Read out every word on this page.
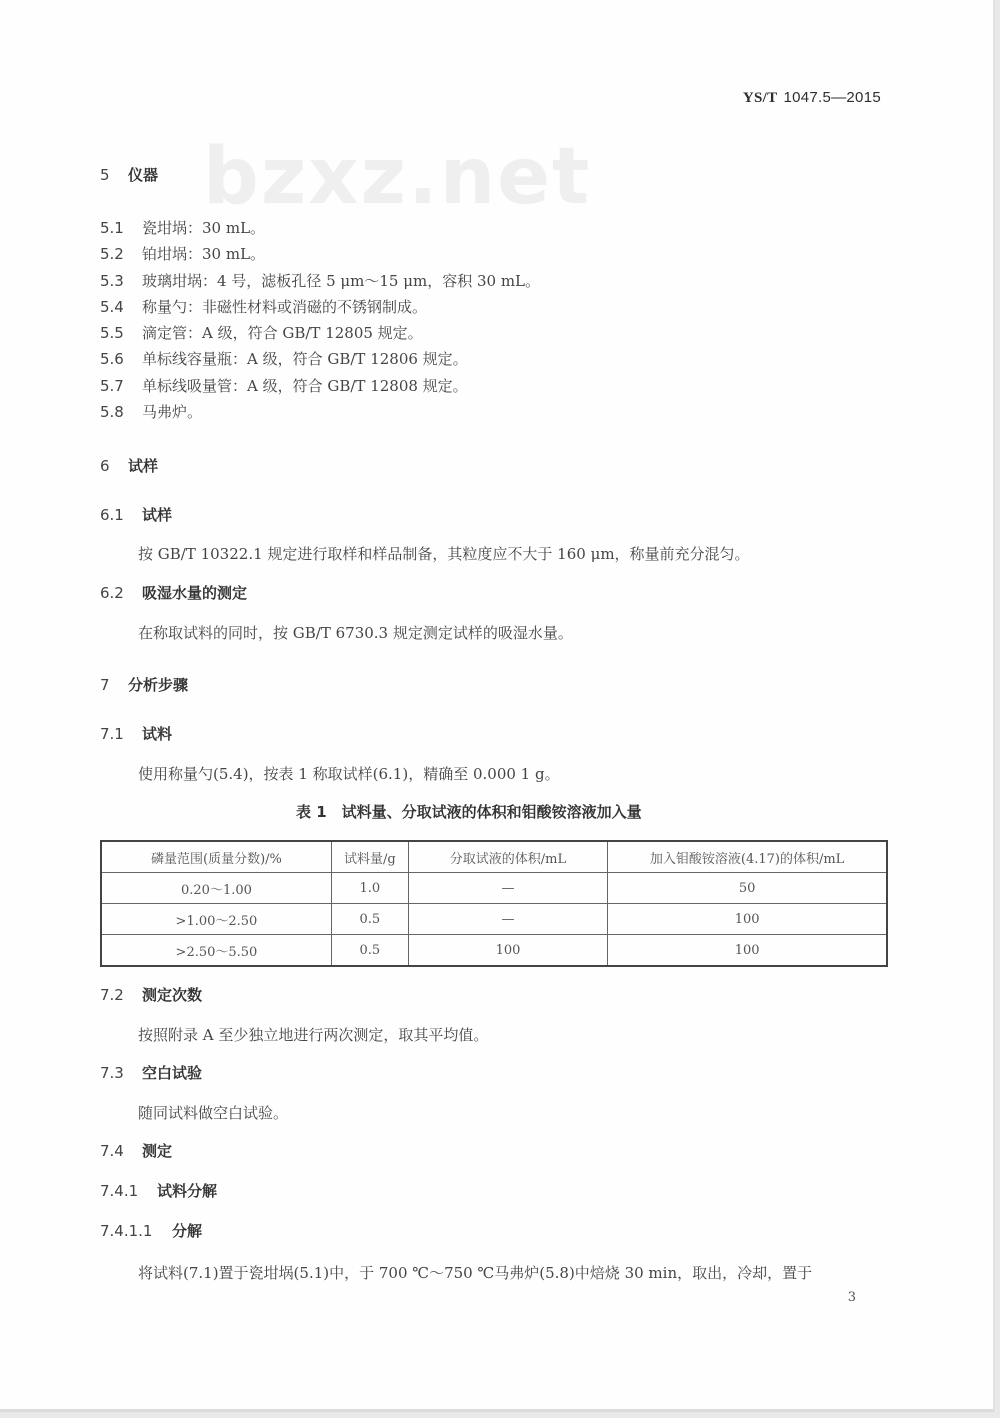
YS/T 1047.5—2015
bzxz.net
5 仪器
5.1 瓷坩埚：30 mL。
5.2 铂坩埚：30 mL。
5.3 玻璃坩埚：4 号，滤板孔径 5 μm～15 μm，容积 30 mL。
5.4 称量勺：非磁性材料或消磁的不锈钢制成。
5.5 滴定管：A 级，符合 GB/T 12805 规定。
5.6 单标线容量瓶：A 级，符合 GB/T 12806 规定。
5.7 单标线吸量管：A 级，符合 GB/T 12808 规定。
5.8 马弗炉。
6 试样
6.1 试样
按 GB/T 10322.1 规定进行取样和样品制备，其粒度应不大于 160 μm，称量前充分混匀。
6.2 吸湿水量的测定
在称取试料的同时，按 GB/T 6730.3 规定测定试样的吸湿水量。
7 分析步骤
7.1 试料
使用称量勺(5.4)，按表 1 称取试样(6.1)，精确至 0.000 1 g。
表 1　试料量、分取试液的体积和钼酸铵溶液加入量
磷量范围(质量分数)/%	试料量/g	分取试液的体积/mL	加入钼酸铵溶液(4.17)的体积/mL
0.20～1.00	1.0	—	50
>1.00～2.50	0.5	—	100
>2.50～5.50	0.5	100	100
7.2 测定次数
按照附录 A 至少独立地进行两次测定，取其平均值。
7.3 空白试验
随同试料做空白试验。
7.4 测定
7.4.1 试料分解
7.4.1.1 分解
将试料(7.1)置于瓷坩埚(5.1)中，于 700 ℃～750 ℃马弗炉(5.8)中焙烧 30 min，取出，冷却，置于
3
